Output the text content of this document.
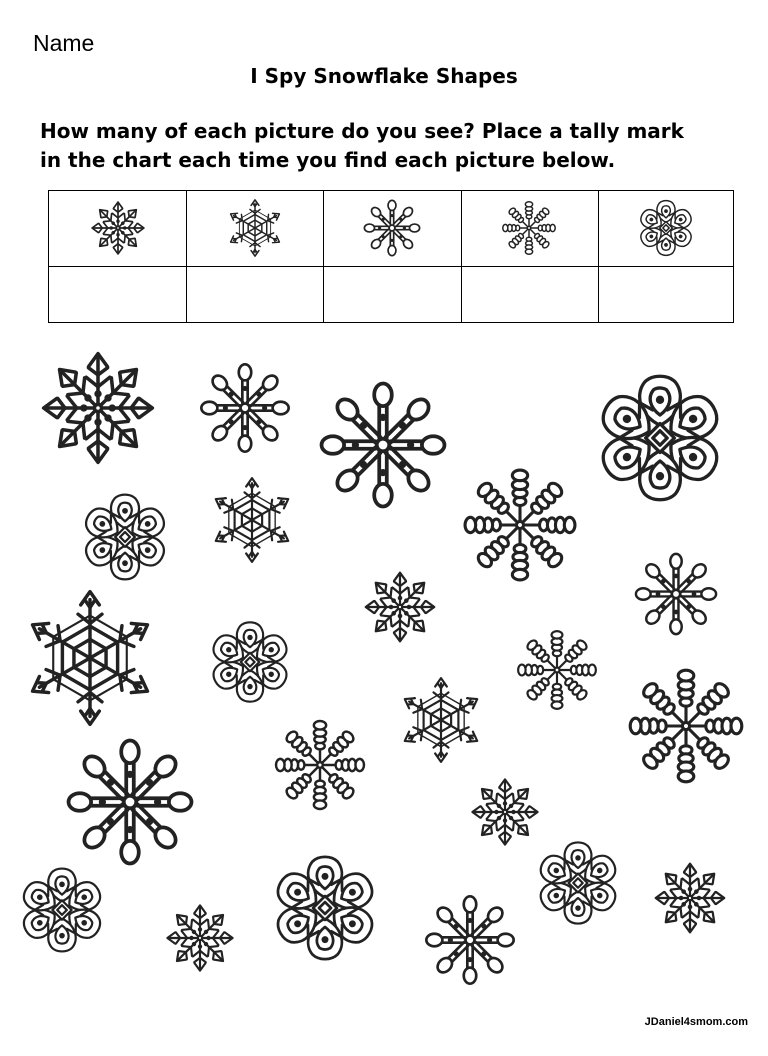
Name
I Spy Snowflake Shapes
How many of each picture do you see? Place a tally mark
in the chart each time you find each picture below.
JDaniel4smom.com
